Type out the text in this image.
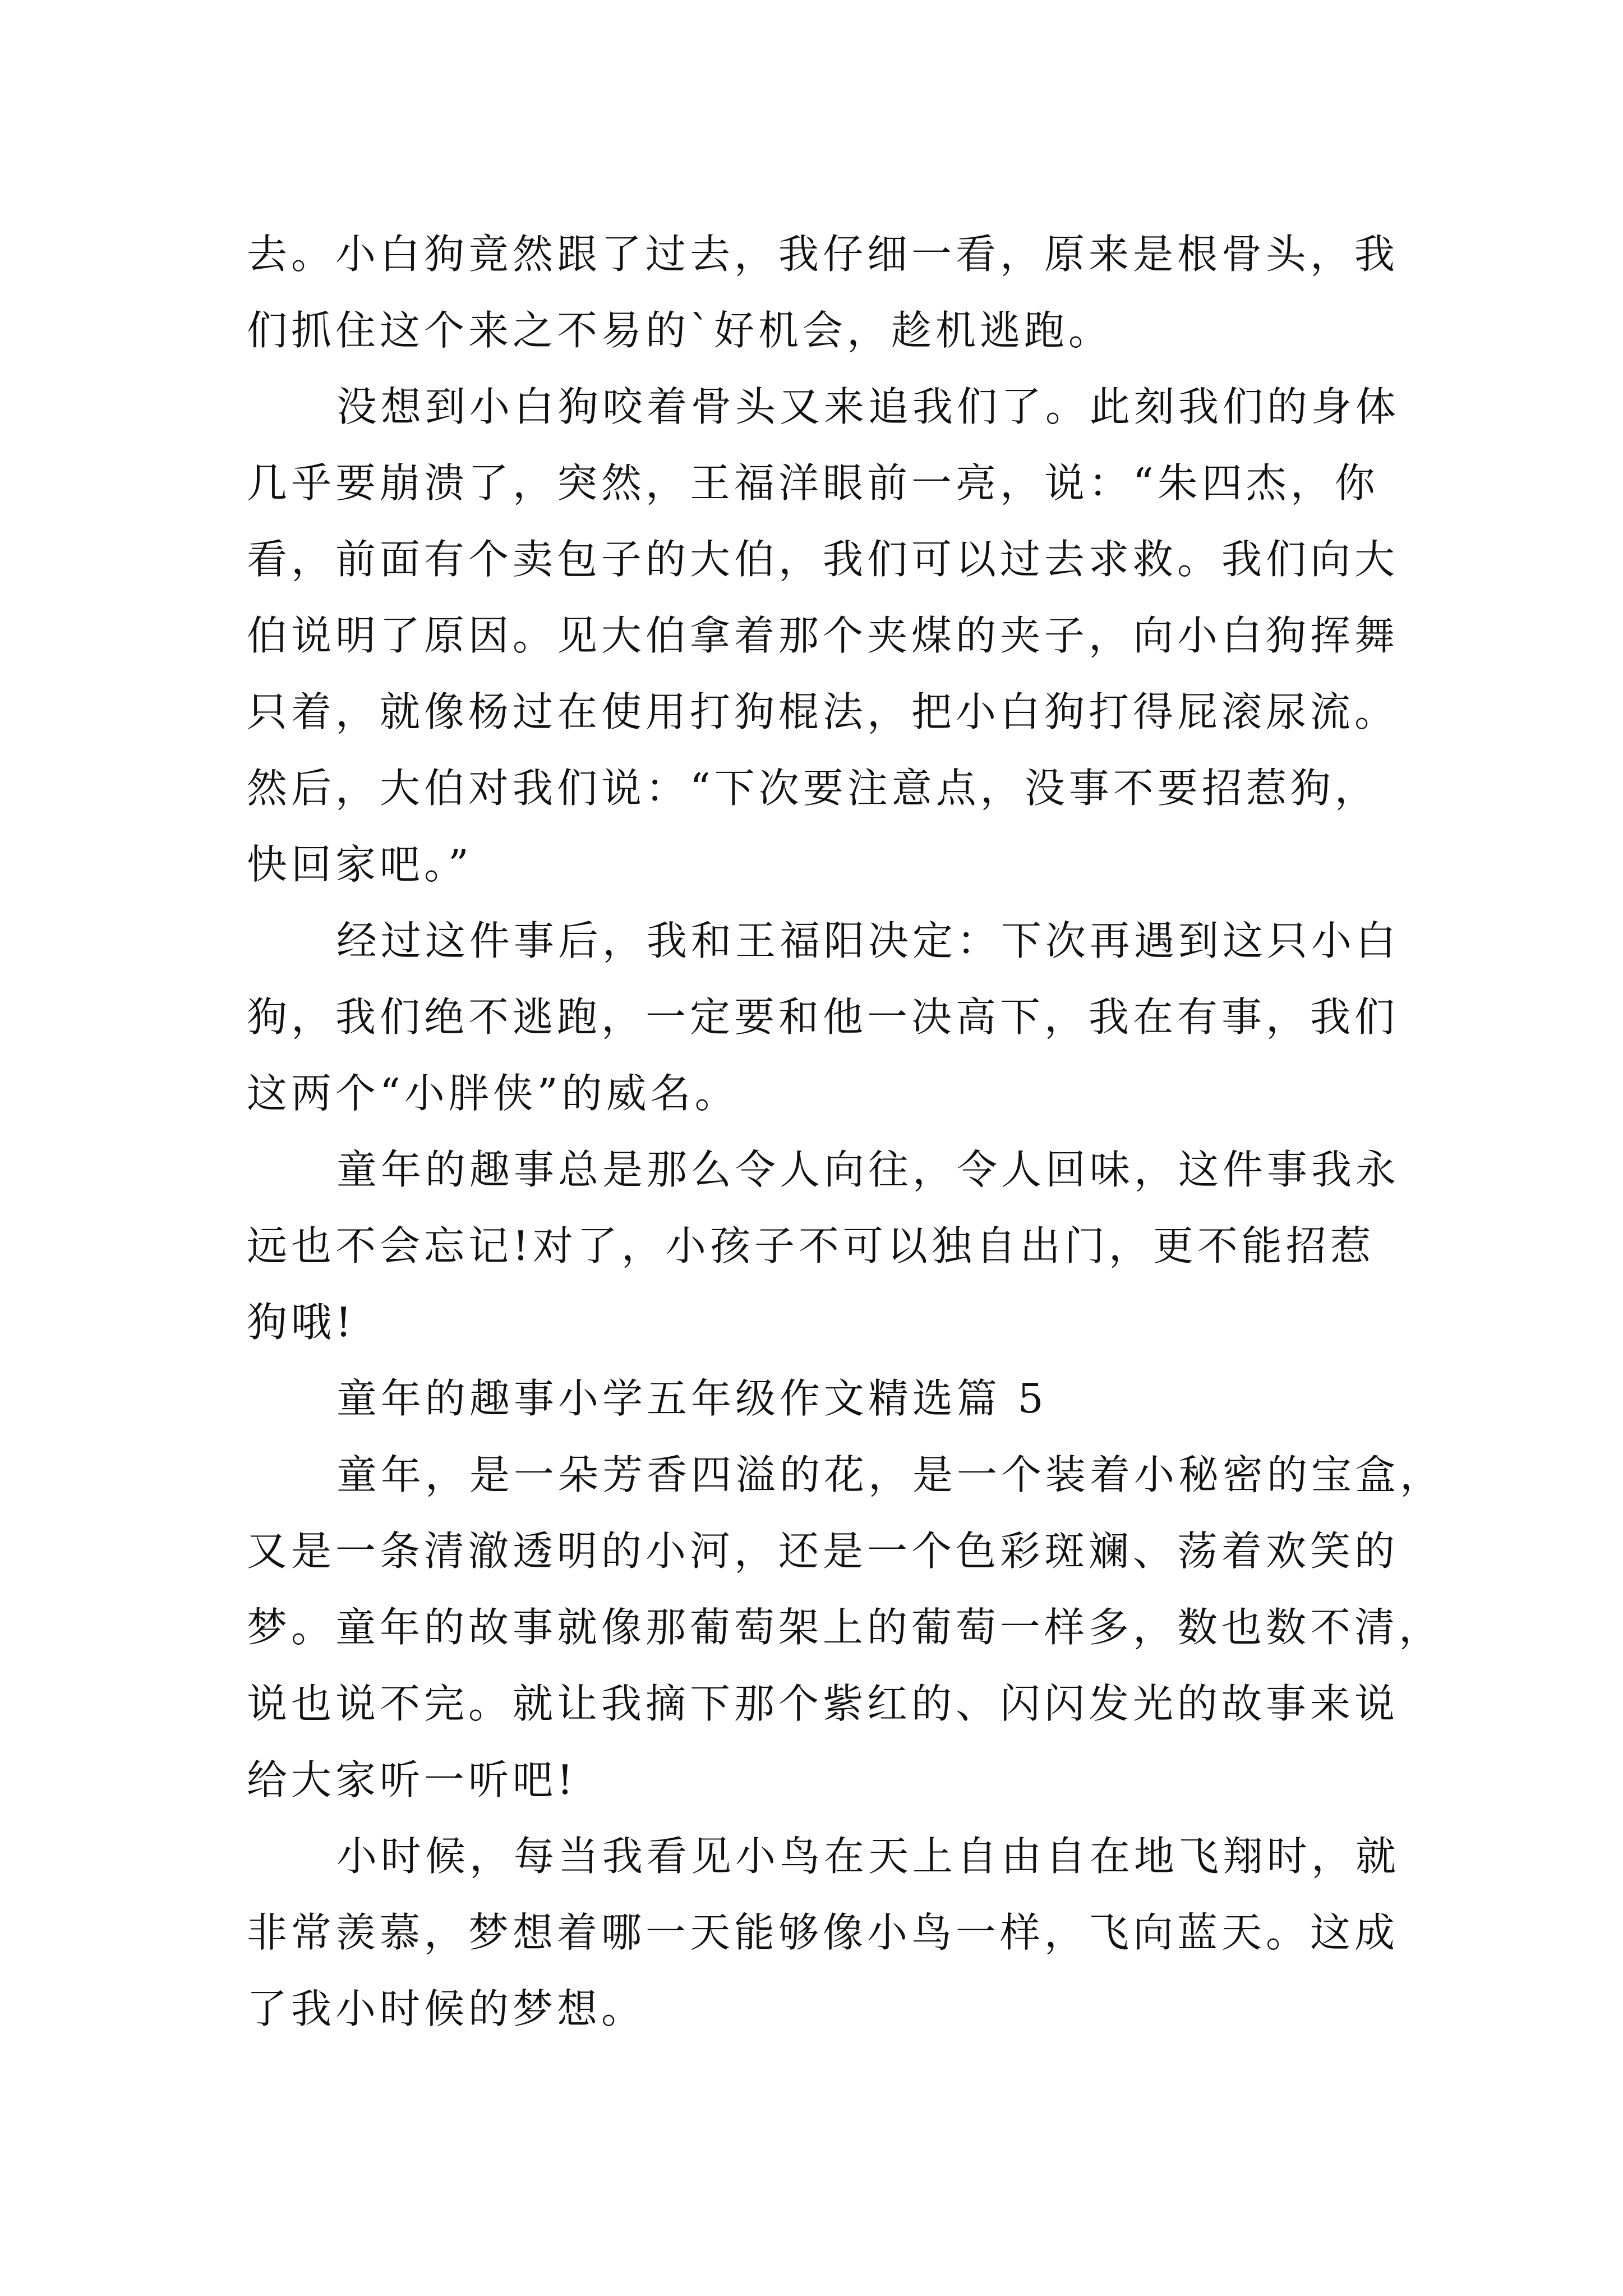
去。小白狗竟然跟了过去，我仔细一看，原来是根骨头，我
们抓住这个来之不易的`好机会，趁机逃跑。
没想到小白狗咬着骨头又来追我们了。此刻我们的身体
几乎要崩溃了，突然，王福洋眼前一亮，说：“朱四杰，你
看，前面有个卖包子的大伯，我们可以过去求救。我们向大
伯说明了原因。见大伯拿着那个夹煤的夹子，向小白狗挥舞
只着，就像杨过在使用打狗棍法，把小白狗打得屁滚尿流。
然后，大伯对我们说：“下次要注意点，没事不要招惹狗，
快回家吧。”
经过这件事后，我和王福阳决定：下次再遇到这只小白
狗，我们绝不逃跑，一定要和他一决高下，我在有事，我们
这两个“小胖侠”的威名。
童年的趣事总是那么令人向往，令人回味，这件事我永
远也不会忘记!对了，小孩子不可以独自出门，更不能招惹
狗哦!
童年的趣事小学五年级作文精选篇 5
童年，是一朵芳香四溢的花，是一个装着小秘密的宝盒，
又是一条清澈透明的小河，还是一个色彩斑斓、荡着欢笑的
梦。童年的故事就像那葡萄架上的葡萄一样多，数也数不清，
说也说不完。就让我摘下那个紫红的、闪闪发光的故事来说
给大家听一听吧!
小时候，每当我看见小鸟在天上自由自在地飞翔时，就
非常羡慕，梦想着哪一天能够像小鸟一样，飞向蓝天。这成
了我小时候的梦想。
